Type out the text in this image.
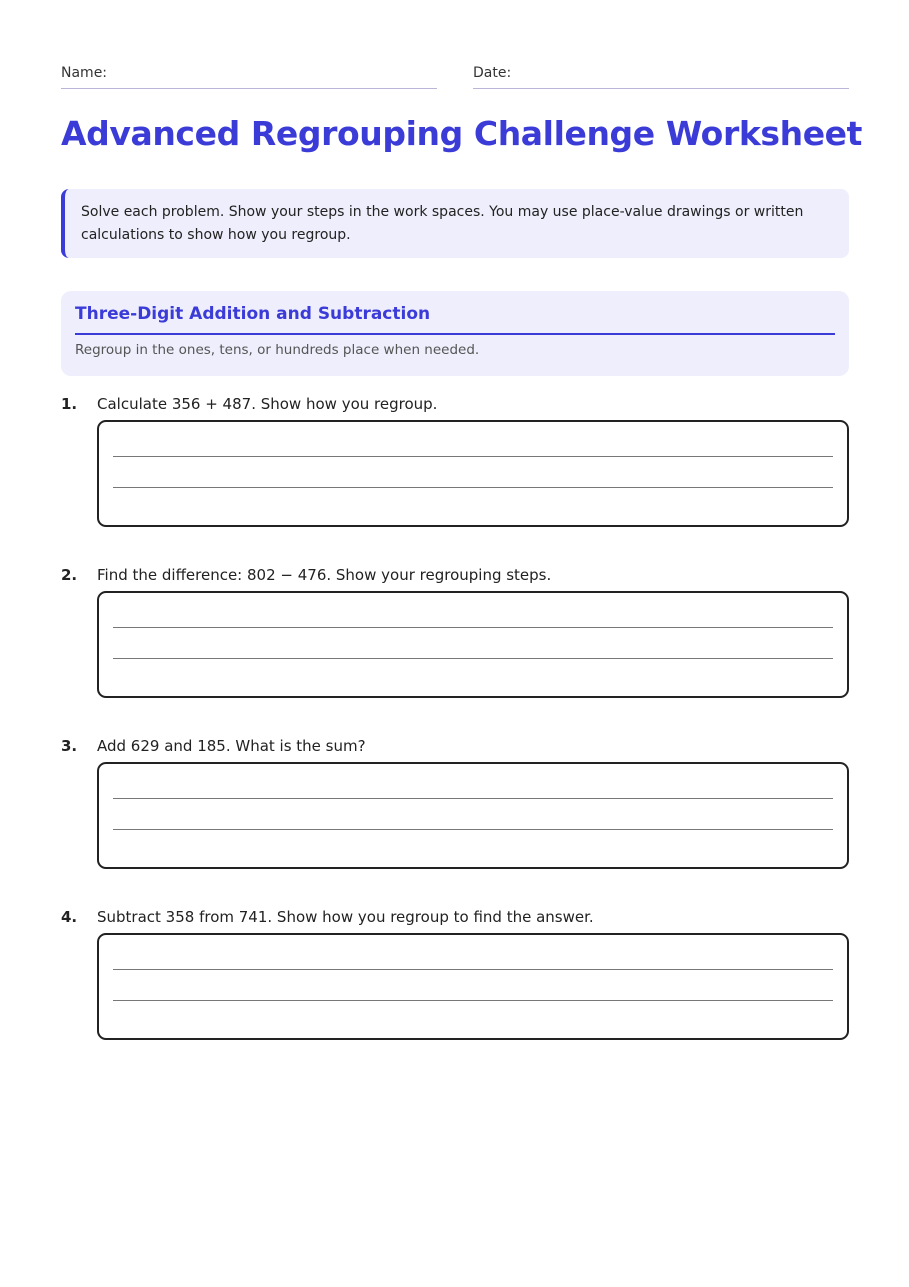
Name:	Date:
Advanced Regrouping Challenge Worksheet
Solve each problem. Show your steps in the work spaces. You may use place-value drawings or written calculations to show how you regroup.
Three-Digit Addition and Subtraction
Regroup in the ones, tens, or hundreds place when needed.
1. Calculate 356 + 487. Show how you regroup.
2. Find the difference: 802 − 476. Show your regrouping steps.
3. Add 629 and 185. What is the sum?
4. Subtract 358 from 741. Show how you regroup to find the answer.
